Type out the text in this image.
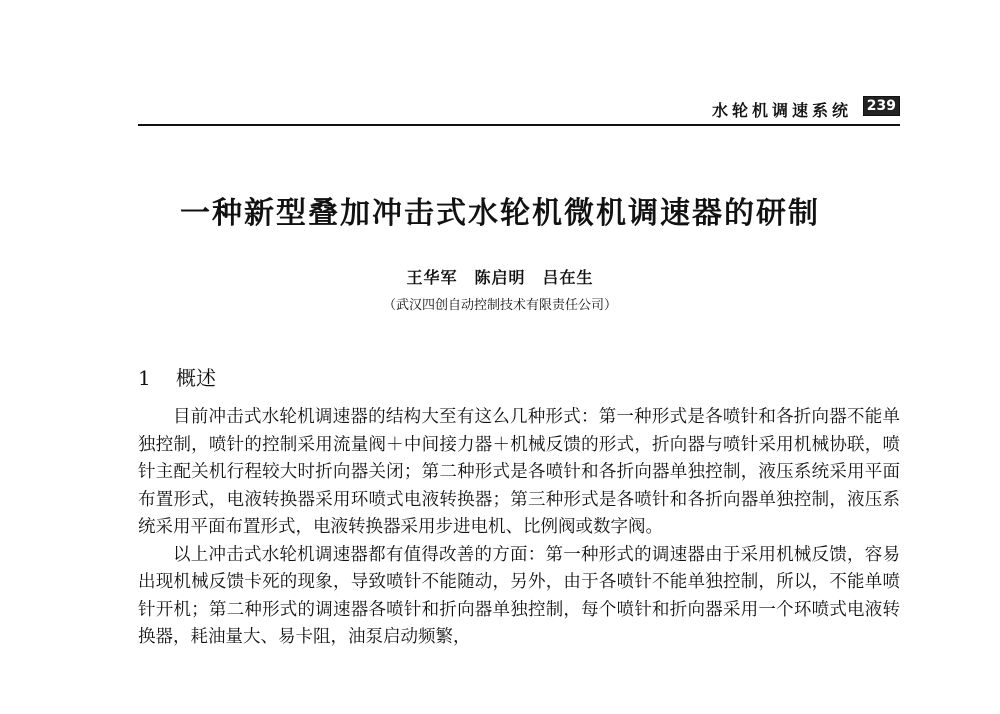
水轮机调速系统 239
一种新型叠加冲击式水轮机微机调速器的研制
王华军　陈启明　吕在生
（武汉四创自动控制技术有限责任公司）
1 概述

目前冲击式水轮机调速器的结构大至有这么几种形式：第一种形式是各喷针和各折向器不能单独控制，喷针的控制采用流量阀＋中间接力器＋机械反馈的形式，折向器与喷针采用机械协联，喷针主配关机行程较大时折向器关闭；第二种形式是各喷针和各折向器单独控制，液压系统采用平面布置形式，电液转换器采用环喷式电液转换器；第三种形式是各喷针和各折向器单独控制，液压系统采用平面布置形式，电液转换器采用步进电机、比例阀或数字阀。

以上冲击式水轮机调速器都有值得改善的方面：第一种形式的调速器由于采用机械反馈，容易出现机械反馈卡死的现象，导致喷针不能随动，另外，由于各喷针不能单独控制，所以，不能单喷针开机；第二种形式的调速器各喷针和折向器单独控制，每个喷针和折向器采用一个环喷式电液转换器，耗油量大、易卡阻，油泵启动频繁，
